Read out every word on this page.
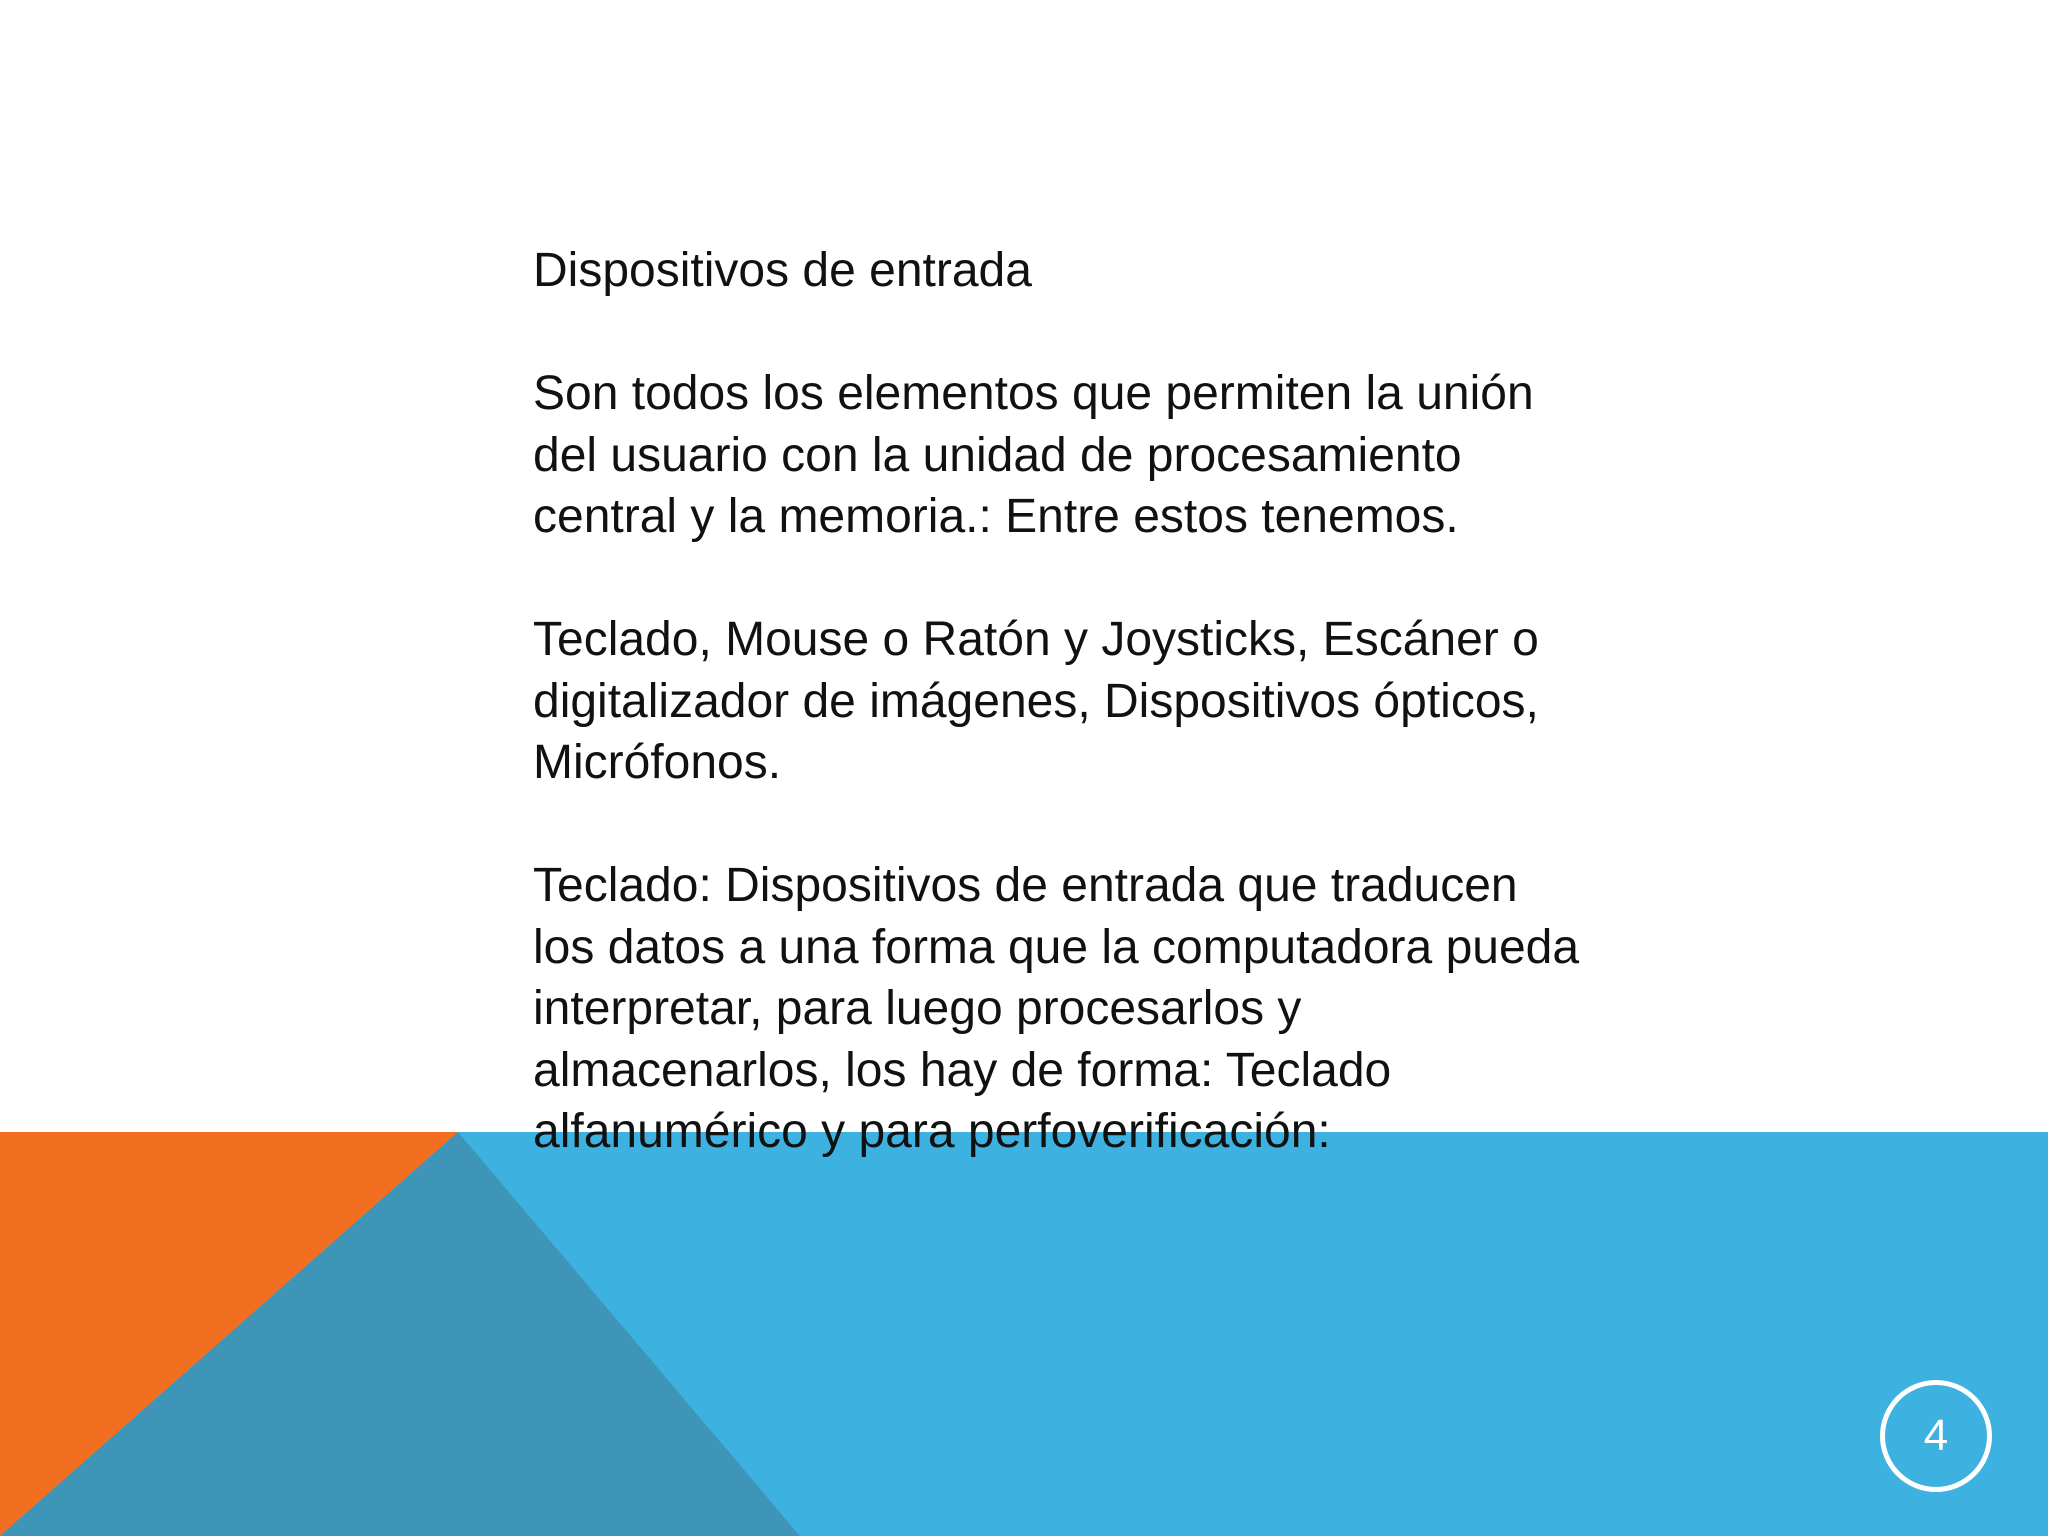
Dispositivos de entrada

Son todos los elementos que permiten la unión del usuario con la unidad de procesamiento central y la memoria.: Entre estos tenemos.

Teclado, Mouse o Ratón y Joysticks, Escáner o digitalizador de imágenes, Dispositivos ópticos, Micrófonos.

Teclado: Dispositivos de entrada que traducen los datos a una forma que la computadora pueda interpretar, para luego procesarlos y almacenarlos, los hay de forma: Teclado alfanumérico y para perfoverificación:

4
